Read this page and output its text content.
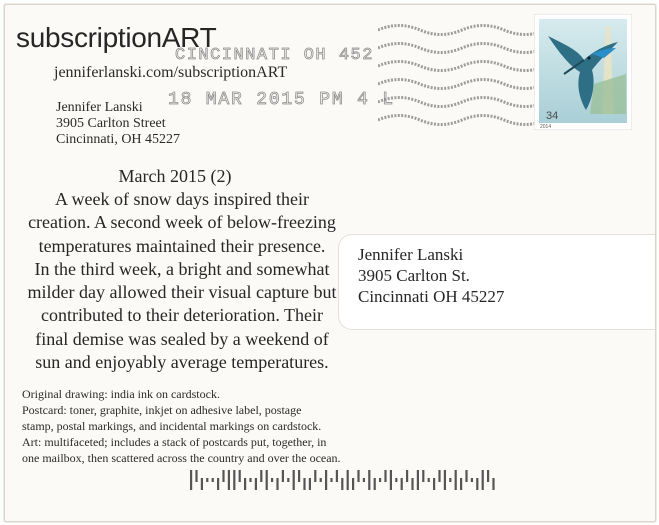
subscriptionART
jenniferlanski.com/subscriptionART
Jennifer Lanski
3905 Carlton Street
Cincinnati, OH 45227
CINCINNATI OH 452
18 MAR 2015 PM 4 L
34
2014
March 2015 (2)
A week of snow days inspired their
creation. A second week of below-freezing
temperatures maintained their presence.
In the third week, a bright and somewhat
milder day allowed their visual capture but
contributed to their deterioration. Their
final demise was sealed by a weekend of
sun and enjoyably average temperatures.
Jennifer Lanski
3905 Carlton St.
Cincinnati OH 45227
Original drawing: india ink on cardstock.
Postcard: toner, graphite, inkjet on adhesive label, postage
stamp, postal markings, and incidental markings on cardstock.
Art: multifaceted; includes a stack of postcards put, together, in
one mailbox, then scattered across the country and over the ocean.
